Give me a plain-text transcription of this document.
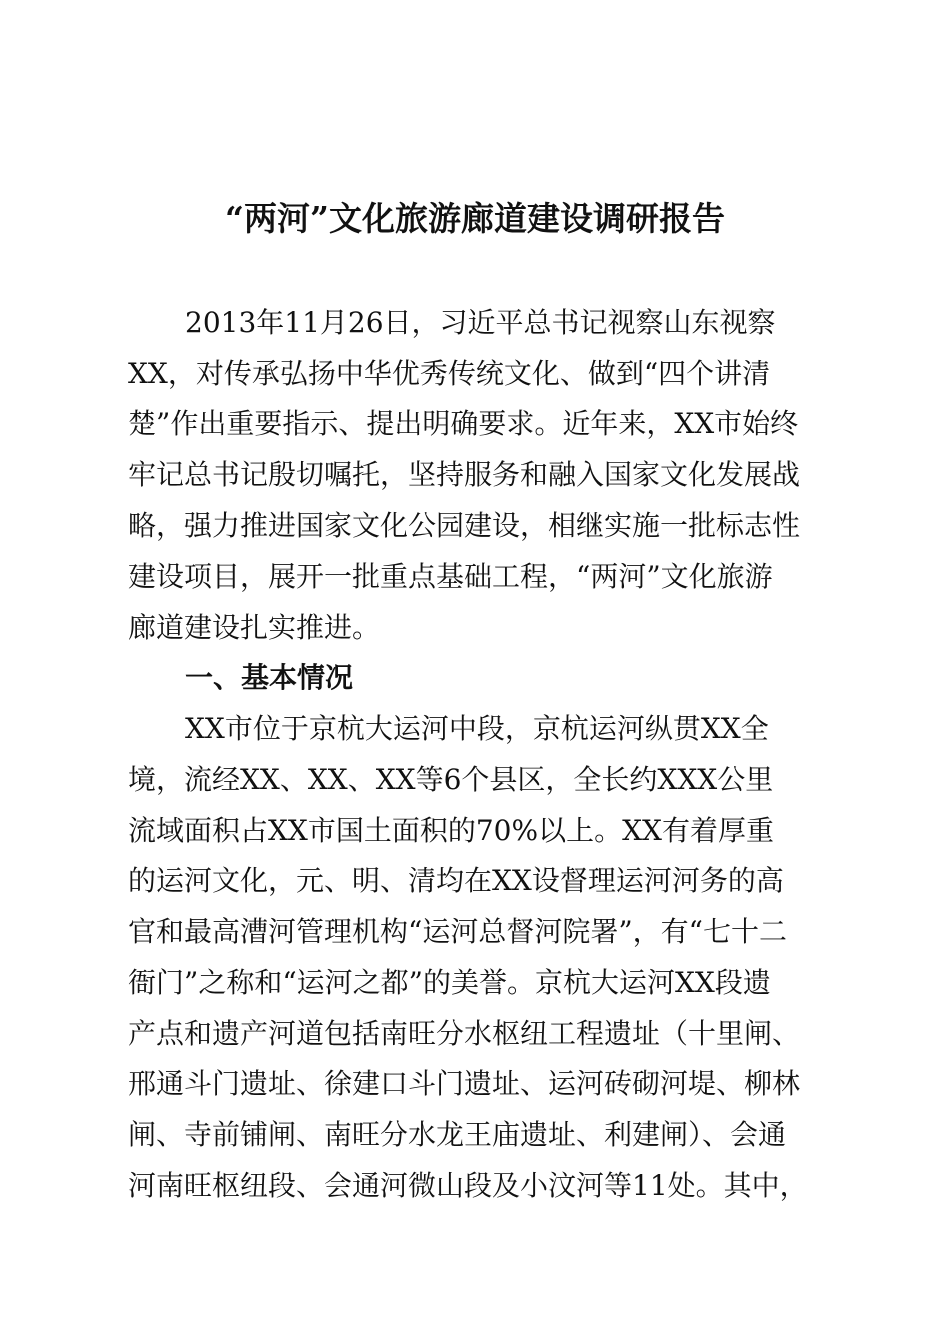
“两河”文化旅游廊道建设调研报告
2013年11月26日，习近平总书记视察山东视察
XX，对传承弘扬中华优秀传统文化、做到“四个讲清
楚”作出重要指示、提出明确要求。近年来，XX市始终
牢记总书记殷切嘱托，坚持服务和融入国家文化发展战
略，强力推进国家文化公园建设，相继实施一批标志性
建设项目，展开一批重点基础工程，“两河”文化旅游
廊道建设扎实推进。
一、基本情况
XX市位于京杭大运河中段，京杭运河纵贯XX全
境，流经XX、XX、XX等6个县区，全长约XXX公里
流域面积占XX市国土面积的70%以上。XX有着厚重
的运河文化，元、明、清均在XX设督理运河河务的高
官和最高漕河管理机构“运河总督河院署”，有“七十二
衙门”之称和“运河之都”的美誉。京杭大运河XX段遗
产点和遗产河道包括南旺分水枢纽工程遗址（十里闸、
邢通斗门遗址、徐建口斗门遗址、运河砖砌河堤、柳林
闸、寺前铺闸、南旺分水龙王庙遗址、利建闸）、会通
河南旺枢纽段、会通河微山段及小汶河等11处。其中，
